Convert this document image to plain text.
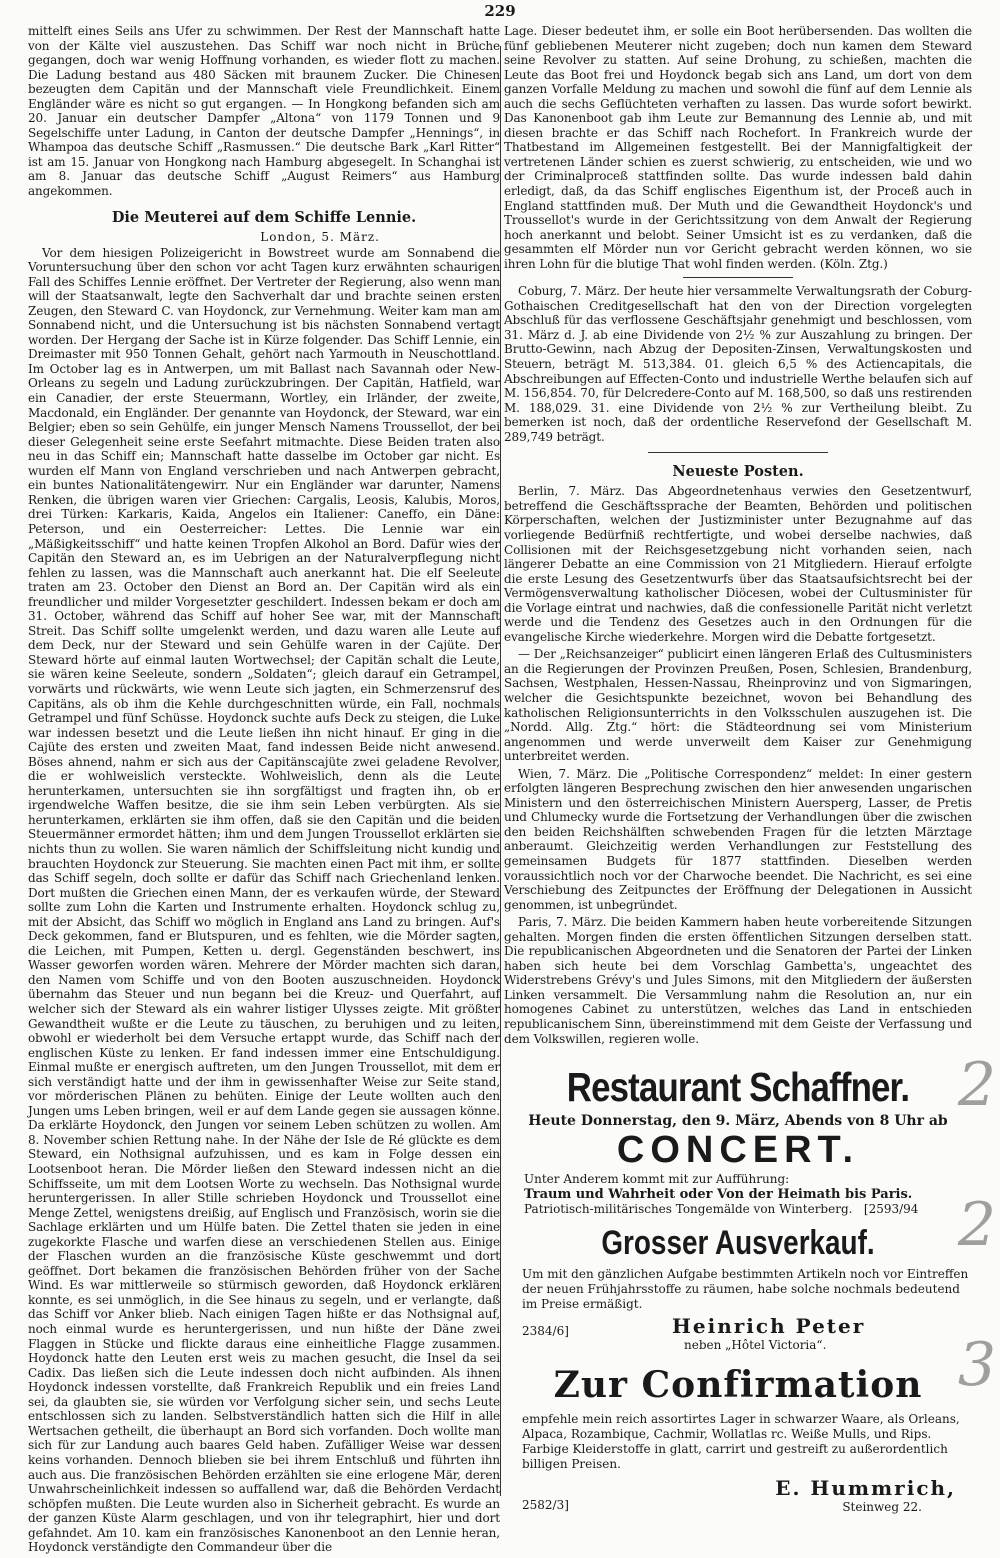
229

mittelft eines Seils ans Ufer zu schwimmen. Der Rest der Mannschaft hatte von der Kälte viel auszustehen. Das Schiff war noch nicht in Brüche gegangen, doch war wenig Hoffnung vorhanden, es wieder flott zu machen. Die Ladung bestand aus 480 Säcken mit braunem Zucker. Die Chinesen bezeugten dem Capitän und der Mannschaft viele Freundlichkeit. Einem Engländer wäre es nicht so gut ergangen. — In Hongkong befanden sich am 20. Januar ein deutscher Dampfer „Altona“ von 1179 Tonnen und 9 Segelschiffe unter Ladung, in Canton der deutsche Dampfer „Hennings“, in Whampoa das deutsche Schiff „Rasmussen.“ Die deutsche Bark „Karl Ritter“ ist am 15. Januar von Hongkong nach Hamburg abgesegelt. In Schanghai ist am 8. Januar das deutsche Schiff „August Reimers“ aus Hamburg angekommen.

Die Meuterei auf dem Schiffe Lennie.
London, 5. März.

Vor dem hiesigen Polizeigericht in Bowstreet wurde am Sonnabend die Voruntersuchung über den schon vor acht Tagen kurz erwähnten schaurigen Fall des Schiffes Lennie eröffnet. Der Vertreter der Regierung, also wenn man will der Staatsanwalt, legte den Sachverhalt dar und brachte seinen ersten Zeugen, den Steward C. van Hoydonck, zur Vernehmung. Weiter kam man am Sonnabend nicht, und die Untersuchung ist bis nächsten Sonnabend vertagt worden. Der Hergang der Sache ist in Kürze folgender. Das Schiff Lennie, ein Dreimaster mit 950 Tonnen Gehalt, gehört nach Yarmouth in Neuschottland. Im October lag es in Antwerpen, um mit Ballast nach Savannah oder New-Orleans zu segeln und Ladung zurückzubringen. Der Capitän, Hatfield, war ein Canadier, der erste Steuermann, Wortley, ein Irländer, der zweite, Macdonald, ein Engländer. Der genannte van Hoydonck, der Steward, war ein Belgier; eben so sein Gehülfe, ein junger Mensch Namens Troussellot, der bei dieser Gelegenheit seine erste Seefahrt mitmachte. Diese Beiden traten also neu in das Schiff ein; Mannschaft hatte dasselbe im October gar nicht. Es wurden elf Mann von England verschrieben und nach Antwerpen gebracht, ein buntes Nationalitätengewirr. Nur ein Engländer war darunter, Namens Renken, die übrigen waren vier Griechen: Cargalis, Leosis, Kalubis, Moros, drei Türken: Karkaris, Kaida, Angelos ein Italiener: Caneffo, ein Däne: Peterson, und ein Oesterreicher: Lettes. Die Lennie war ein „Mäßigkeitsschiff“ und hatte keinen Tropfen Alkohol an Bord. Dafür wies der Capitän den Steward an, es im Uebrigen an der Naturalverpflegung nicht fehlen zu lassen, was die Mannschaft auch anerkannt hat. Die elf Seeleute traten am 23. October den Dienst an Bord an. Der Capitän wird als ein freundlicher und milder Vorgesetzter geschildert. Indessen bekam er doch am 31. October, während das Schiff auf hoher See war, mit der Mannschaft Streit. Das Schiff sollte umgelenkt werden, und dazu waren alle Leute auf dem Deck, nur der Steward und sein Gehülfe waren in der Cajüte. Der Steward hörte auf einmal lauten Wortwechsel; der Capitän schalt die Leute, sie wären keine Seeleute, sondern „Soldaten“; gleich darauf ein Getrampel, vorwärts und rückwärts, wie wenn Leute sich jagten, ein Schmerzensruf des Capitäns, als ob ihm die Kehle durchgeschnitten würde, ein Fall, nochmals Getrampel und fünf Schüsse. Hoydonck suchte aufs Deck zu steigen, die Luke war indessen besetzt und die Leute ließen ihn nicht hinauf. Er ging in die Cajüte des ersten und zweiten Maat, fand indessen Beide nicht anwesend. Böses ahnend, nahm er sich aus der Capitänscajüte zwei geladene Revolver, die er wohlweislich versteckte. Wohlweislich, denn als die Leute herunterkamen, untersuchten sie ihn sorgfältigst und fragten ihn, ob er irgendwelche Waffen besitze, die sie ihm sein Leben verbürgten. Als sie herunterkamen, erklärten sie ihm offen, daß sie den Capitän und die beiden Steuermänner ermordet hätten; ihm und dem Jungen Troussellot erklärten sie nichts thun zu wollen. Sie waren nämlich der Schiffsleitung nicht kundig und brauchten Hoydonck zur Steuerung. Sie machten einen Pact mit ihm, er sollte das Schiff segeln, doch sollte er dafür das Schiff nach Griechenland lenken. Dort mußten die Griechen einen Mann, der es verkaufen würde, der Steward sollte zum Lohn die Karten und Instrumente erhalten. Hoydonck schlug zu, mit der Absicht, das Schiff wo möglich in England ans Land zu bringen. Auf's Deck gekommen, fand er Blutspuren, und es fehlten, wie die Mörder sagten, die Leichen, mit Pumpen, Ketten u. dergl. Gegenständen beschwert, ins Wasser geworfen worden wären. Mehrere der Mörder machten sich daran, den Namen vom Schiffe und von den Booten auszuschneiden. Hoydonck übernahm das Steuer und nun begann bei die Kreuz- und Querfahrt, auf welcher sich der Steward als ein wahrer listiger Ulysses zeigte. Mit größter Gewandtheit wußte er die Leute zu täuschen, zu beruhigen und zu leiten, obwohl er wiederholt bei dem Versuche ertappt wurde, das Schiff nach der englischen Küste zu lenken. Er fand indessen immer eine Entschuldigung. Einmal mußte er energisch auftreten, um den Jungen Troussellot, mit dem er sich verständigt hatte und der ihm in gewissenhafter Weise zur Seite stand, vor mörderischen Plänen zu behüten. Einige der Leute wollten auch den Jungen ums Leben bringen, weil er auf dem Lande gegen sie aussagen könne. Da erklärte Hoydonck, den Jungen vor seinem Leben schützen zu wollen. Am 8. November schien Rettung nahe. In der Nähe der Isle de Ré glückte es dem Steward, ein Nothsignal aufzuhissen, und es kam in Folge dessen ein Lootsenboot heran. Die Mörder ließen den Steward indessen nicht an die Schiffsseite, um mit dem Lootsen Worte zu wechseln. Das Nothsignal wurde heruntergerissen. In aller Stille schrieben Hoydonck und Troussellot eine Menge Zettel, wenigstens dreißig, auf Englisch und Französisch, worin sie die Sachlage erklärten und um Hülfe baten. Die Zettel thaten sie jeden in eine zugekorkte Flasche und warfen diese an verschiedenen Stellen aus. Einige der Flaschen wurden an die französische Küste geschwemmt und dort geöffnet. Dort bekamen die französischen Behörden früher von der Sache Wind. Es war mittlerweile so stürmisch geworden, daß Hoydonck erklären konnte, es sei unmöglich, in die See hinaus zu segeln, und er verlangte, daß das Schiff vor Anker blieb. Nach einigen Tagen hißte er das Nothsignal auf, noch einmal wurde es heruntergerissen, und nun hißte der Däne zwei Flaggen in Stücke und flickte daraus eine einheitliche Flagge zusammen. Hoydonck hatte den Leuten erst weis zu machen gesucht, die Insel da sei Cadix. Das ließen sich die Leute indessen doch nicht aufbinden. Als ihnen Hoydonck indessen vorstellte, daß Frankreich Republik und ein freies Land sei, da glaubten sie, sie würden vor Verfolgung sicher sein, und sechs Leute entschlossen sich zu landen. Selbstverständlich hatten sich die Hilf in alle Wertsachen getheilt, die überhaupt an Bord sich vorfanden. Doch wollte man sich für zur Landung auch baares Geld haben. Zufälliger Weise war dessen keins vorhanden. Dennoch blieben sie bei ihrem Entschluß und führten ihn auch aus. Die französischen Behörden erzählten sie eine erlogene Mär, deren Unwahrscheinlichkeit indessen so auffallend war, daß die Behörden Verdacht schöpfen mußten. Die Leute wurden also in Sicherheit gebracht. Es wurde an der ganzen Küste Alarm geschlagen, und von ihr telegraphirt, hier und dort gefahndet. Am 10. kam ein französisches Kanonenboot an den Lennie heran, Hoydonck verständigte den Commandeur über die

Lage. Dieser bedeutet ihm, er solle ein Boot herübersenden. Das wollten die fünf gebliebenen Meuterer nicht zugeben; doch nun kamen dem Steward seine Revolver zu statten. Auf seine Drohung, zu schießen, machten die Leute das Boot frei und Hoydonck begab sich ans Land, um dort von dem ganzen Vorfalle Meldung zu machen und sowohl die fünf auf dem Lennie als auch die sechs Geflüchteten verhaften zu lassen. Das wurde sofort bewirkt. Das Kanonenboot gab ihm Leute zur Bemannung des Lennie ab, und mit diesen brachte er das Schiff nach Rochefort. In Frankreich wurde der Thatbestand im Allgemeinen festgestellt. Bei der Mannigfaltigkeit der vertretenen Länder schien es zuerst schwierig, zu entscheiden, wie und wo der Criminalproceß stattfinden sollte. Das wurde indessen bald dahin erledigt, daß, da das Schiff englisches Eigenthum ist, der Proceß auch in England stattfinden muß. Der Muth und die Gewandtheit Hoydonck's und Troussellot's wurde in der Gerichtssitzung von dem Anwalt der Regierung hoch anerkannt und belobt. Seiner Umsicht ist es zu verdanken, daß die gesammten elf Mörder nun vor Gericht gebracht werden können, wo sie ihren Lohn für die blutige That wohl finden werden. (Köln. Ztg.)

Coburg, 7. März. Der heute hier versammelte Verwaltungsrath der Coburg-Gothaischen Creditgesellschaft hat den von der Direction vorgelegten Abschluß für das verflossene Geschäftsjahr genehmigt und beschlossen, vom 31. März d. J. ab eine Dividende von 2½ % zur Auszahlung zu bringen. Der Brutto-Gewinn, nach Abzug der Depositen-Zinsen, Verwaltungskosten und Steuern, beträgt M. 513,384. 01. gleich 6,5 % des Actiencapitals, die Abschreibungen auf Effecten-Conto und industrielle Werthe belaufen sich auf M. 156,854. 70, für Delcredere-Conto auf M. 168,500, so daß uns restirenden M. 188,029. 31. eine Dividende von 2½ % zur Vertheilung bleibt. Zu bemerken ist noch, daß der ordentliche Reservefond der Gesellschaft M. 289,749 beträgt.

Neueste Posten.

Berlin, 7. März. Das Abgeordnetenhaus verwies den Gesetzentwurf, betreffend die Geschäftssprache der Beamten, Behörden und politischen Körperschaften, welchen der Justizminister unter Bezugnahme auf das vorliegende Bedürfniß rechtfertigte, und wobei derselbe nachwies, daß Collisionen mit der Reichsgesetzgebung nicht vorhanden seien, nach längerer Debatte an eine Commission von 21 Mitgliedern. Hierauf erfolgte die erste Lesung des Gesetzentwurfs über das Staatsaufsichtsrecht bei der Vermögensverwaltung katholischer Diöcesen, wobei der Cultusminister für die Vorlage eintrat und nachwies, daß die confessionelle Parität nicht verletzt werde und die Tendenz des Gesetzes auch in den Ordnungen für die evangelische Kirche wiederkehre. Morgen wird die Debatte fortgesetzt.

— Der „Reichsanzeiger“ publicirt einen längeren Erlaß des Cultusministers an die Regierungen der Provinzen Preußen, Posen, Schlesien, Brandenburg, Sachsen, Westphalen, Hessen-Nassau, Rheinprovinz und von Sigmaringen, welcher die Gesichtspunkte bezeichnet, wovon bei Behandlung des katholischen Religionsunterrichts in den Volksschulen auszugehen ist. Die „Nordd. Allg. Ztg.“ hört: die Städteordnung sei vom Ministerium angenommen und werde unverweilt dem Kaiser zur Genehmigung unterbreitet werden.

Wien, 7. März. Die „Politische Correspondenz“ meldet: In einer gestern erfolgten längeren Besprechung zwischen den hier anwesenden ungarischen Ministern und den österreichischen Ministern Auersperg, Lasser, de Pretis und Chlumecky wurde die Fortsetzung der Verhandlungen über die zwischen den beiden Reichshälften schwebenden Fragen für die letzten Märztage anberaumt. Gleichzeitig werden Verhandlungen zur Feststellung des gemeinsamen Budgets für 1877 stattfinden. Dieselben werden voraussichtlich noch vor der Charwoche beendet. Die Nachricht, es sei eine Verschiebung des Zeitpunctes der Eröffnung der Delegationen in Aussicht genommen, ist unbegründet.

Paris, 7. März. Die beiden Kammern haben heute vorbereitende Sitzungen gehalten. Morgen finden die ersten öffentlichen Sitzungen derselben statt. Die republicanischen Abgeordneten und die Senatoren der Partei der Linken haben sich heute bei dem Vorschlag Gambetta's, ungeachtet des Widerstrebens Grévy's und Jules Simons, mit den Mitgliedern der äußersten Linken versammelt. Die Versammlung nahm die Resolution an, nur ein homogenes Cabinet zu unterstützen, welches das Land in entschieden republicanischem Sinn, übereinstimmend mit dem Geiste der Verfassung und dem Volkswillen, regieren wolle.

Restaurant Schaffner.

Heute Donnerstag, den 9. März, Abends von 8 Uhr ab

CONCERT.

Unter Anderem kommt mit zur Aufführung:

Traum und Wahrheit oder Von der Heimath bis Paris.

Patriotisch-militärisches Tongemälde von Winterberg. [2593/94

Grosser Ausverkauf.

Um mit den gänzlichen Aufgabe bestimmten Artikeln noch vor Eintreffen der neuen Frühjahrsstoffe zu räumen, habe solche nochmals bedeutend im Preise ermäßigt.

2384/6]	Heinrich Peter
neben „Hôtel Victoria“.
Zur Confirmation

empfehle mein reich assortirtes Lager in schwarzer Waare, als Orleans, Alpaca, Rozambique, Cachmir, Wollatlas rc. Weiße Mulls, und Rips.

Farbige Kleiderstoffe in glatt, carrirt und gestreift zu außerordentlich billigen Preisen.

E. Hummrich,
Steinweg 22.
2582/3]
2
2
3
